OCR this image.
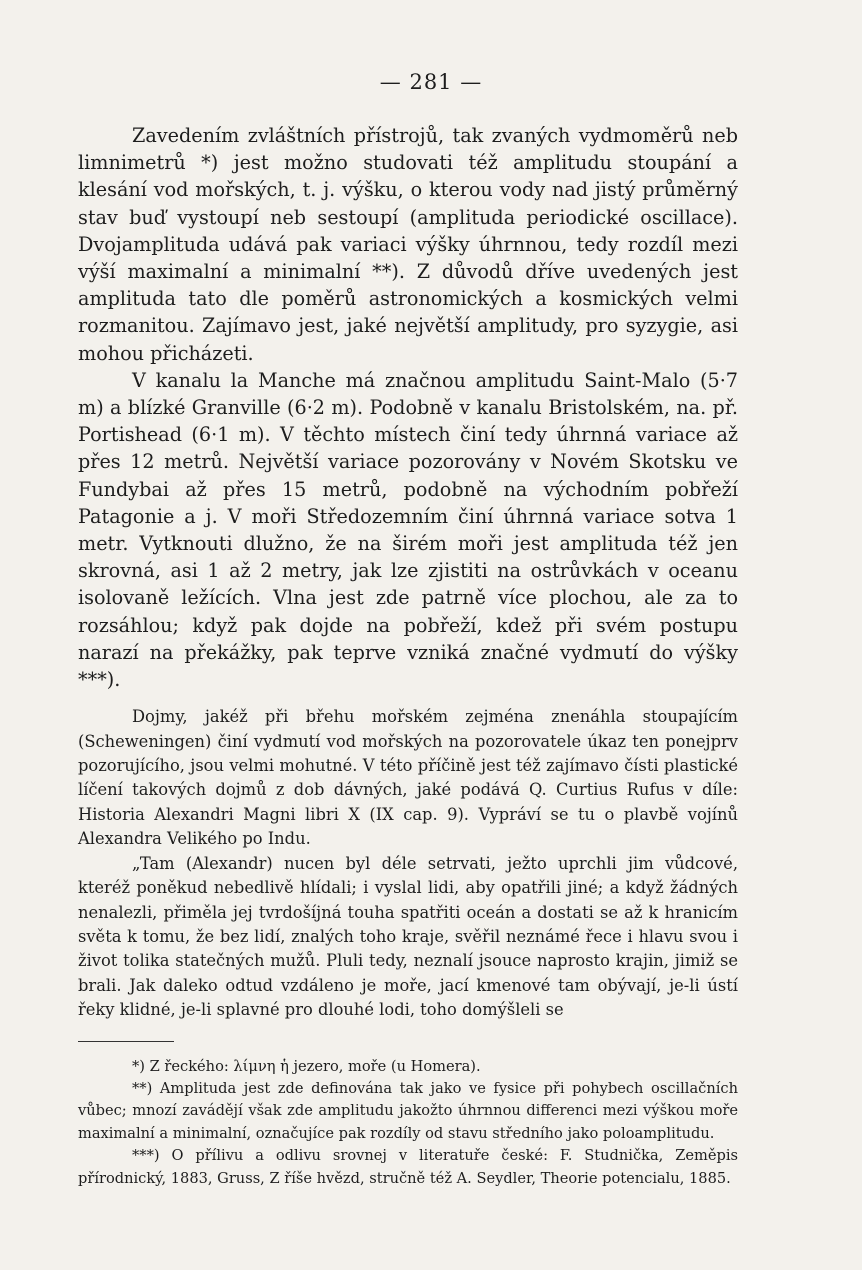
— 281 —

Zavedením zvláštních přístrojů, tak zvaných vydmoměrů neb limnimetrů *) jest možno studovati též amplitudu stoupání a klesání vod mořských, t. j. výšku, o kterou vody nad jistý průměrný stav buď vystoupí neb sestoupí (amplituda periodické oscillace). Dvojamplituda udává pak variaci výšky úhrnnou, tedy rozdíl mezi výší maximalní a minimalní **). Z důvodů dříve uvedených jest amplituda tato dle poměrů astronomických a kosmických velmi rozmanitou. Zajímavo jest, jaké největší amplitudy, pro syzygie, asi mohou přicházeti.

V kanalu la Manche má značnou amplitudu Saint-Malo (5·7 m) a blízké Granville (6·2 m). Podobně v kanalu Bristolském, na. př. Portishead (6·1 m). V těchto místech činí tedy úhrnná variace až přes 12 metrů. Největší variace pozorovány v Novém Skotsku ve Fundybai až přes 15 metrů, podobně na východním pobřeží Patagonie a j. V moři Středozemním činí úhrnná variace sotva 1 metr. Vytknouti dlužno, že na širém moři jest amplituda též jen skrovná, asi 1 až 2 metry, jak lze zjistiti na ostrůvkách v oceanu isolovaně ležících. Vlna jest zde patrně více plochou, ale za to rozsáhlou; když pak dojde na pobřeží, kdež při svém postupu narazí na překážky, pak teprve vzniká značné vydmutí do výšky ***).

Dojmy, jakéž při břehu mořském zejména znenáhla stoupajícím (Scheweningen) činí vydmutí vod mořských na pozorovatele úkaz ten ponejprv pozorujícího, jsou velmi mohutné. V této příčině jest též zajímavo čísti plastické líčení takových dojmů z dob dávných, jaké podává Q. Curtius Rufus v díle: Historia Alexandri Magni libri X (IX cap. 9). Vypráví se tu o plavbě vojínů Alexandra Velikého po Indu.

„Tam (Alexandr) nucen byl déle setrvati, ježto uprchli jim vůdcové, kteréž poněkud nebedlivě hlídali; i vyslal lidi, aby opatřili jiné; a když žádných nenalezli, přiměla jej tvrdošíjná touha spatřiti oceán a dostati se až k hranicím světa k tomu, že bez lidí, znalých toho kraje, svěřil neznámé řece i hlavu svou i život tolika statečných mužů. Pluli tedy, neznalí jsouce naprosto krajin, jimiž se brali. Jak daleko odtud vzdáleno je moře, jací kmenové tam obývají, je-li ústí řeky klidné, je-li splavné pro dlouhé lodi, toho domýšleli se

*) Z řeckého: λίμνη ἡ jezero, moře (u Homera).

**) Amplituda jest zde definována tak jako ve fysice při pohybech oscillačních vůbec; mnozí zavádějí však zde amplitudu jakožto úhrnnou differenci mezi výškou moře maximalní a minimalní, označujíce pak rozdíly od stavu středního jako poloamplitudu.

***) O přílivu a odlivu srovnej v literatuře české: F. Studnička, Zeměpis přírodnický, 1883, Gruss, Z říše hvězd, stručně též A. Seydler, Theorie potencialu, 1885.
